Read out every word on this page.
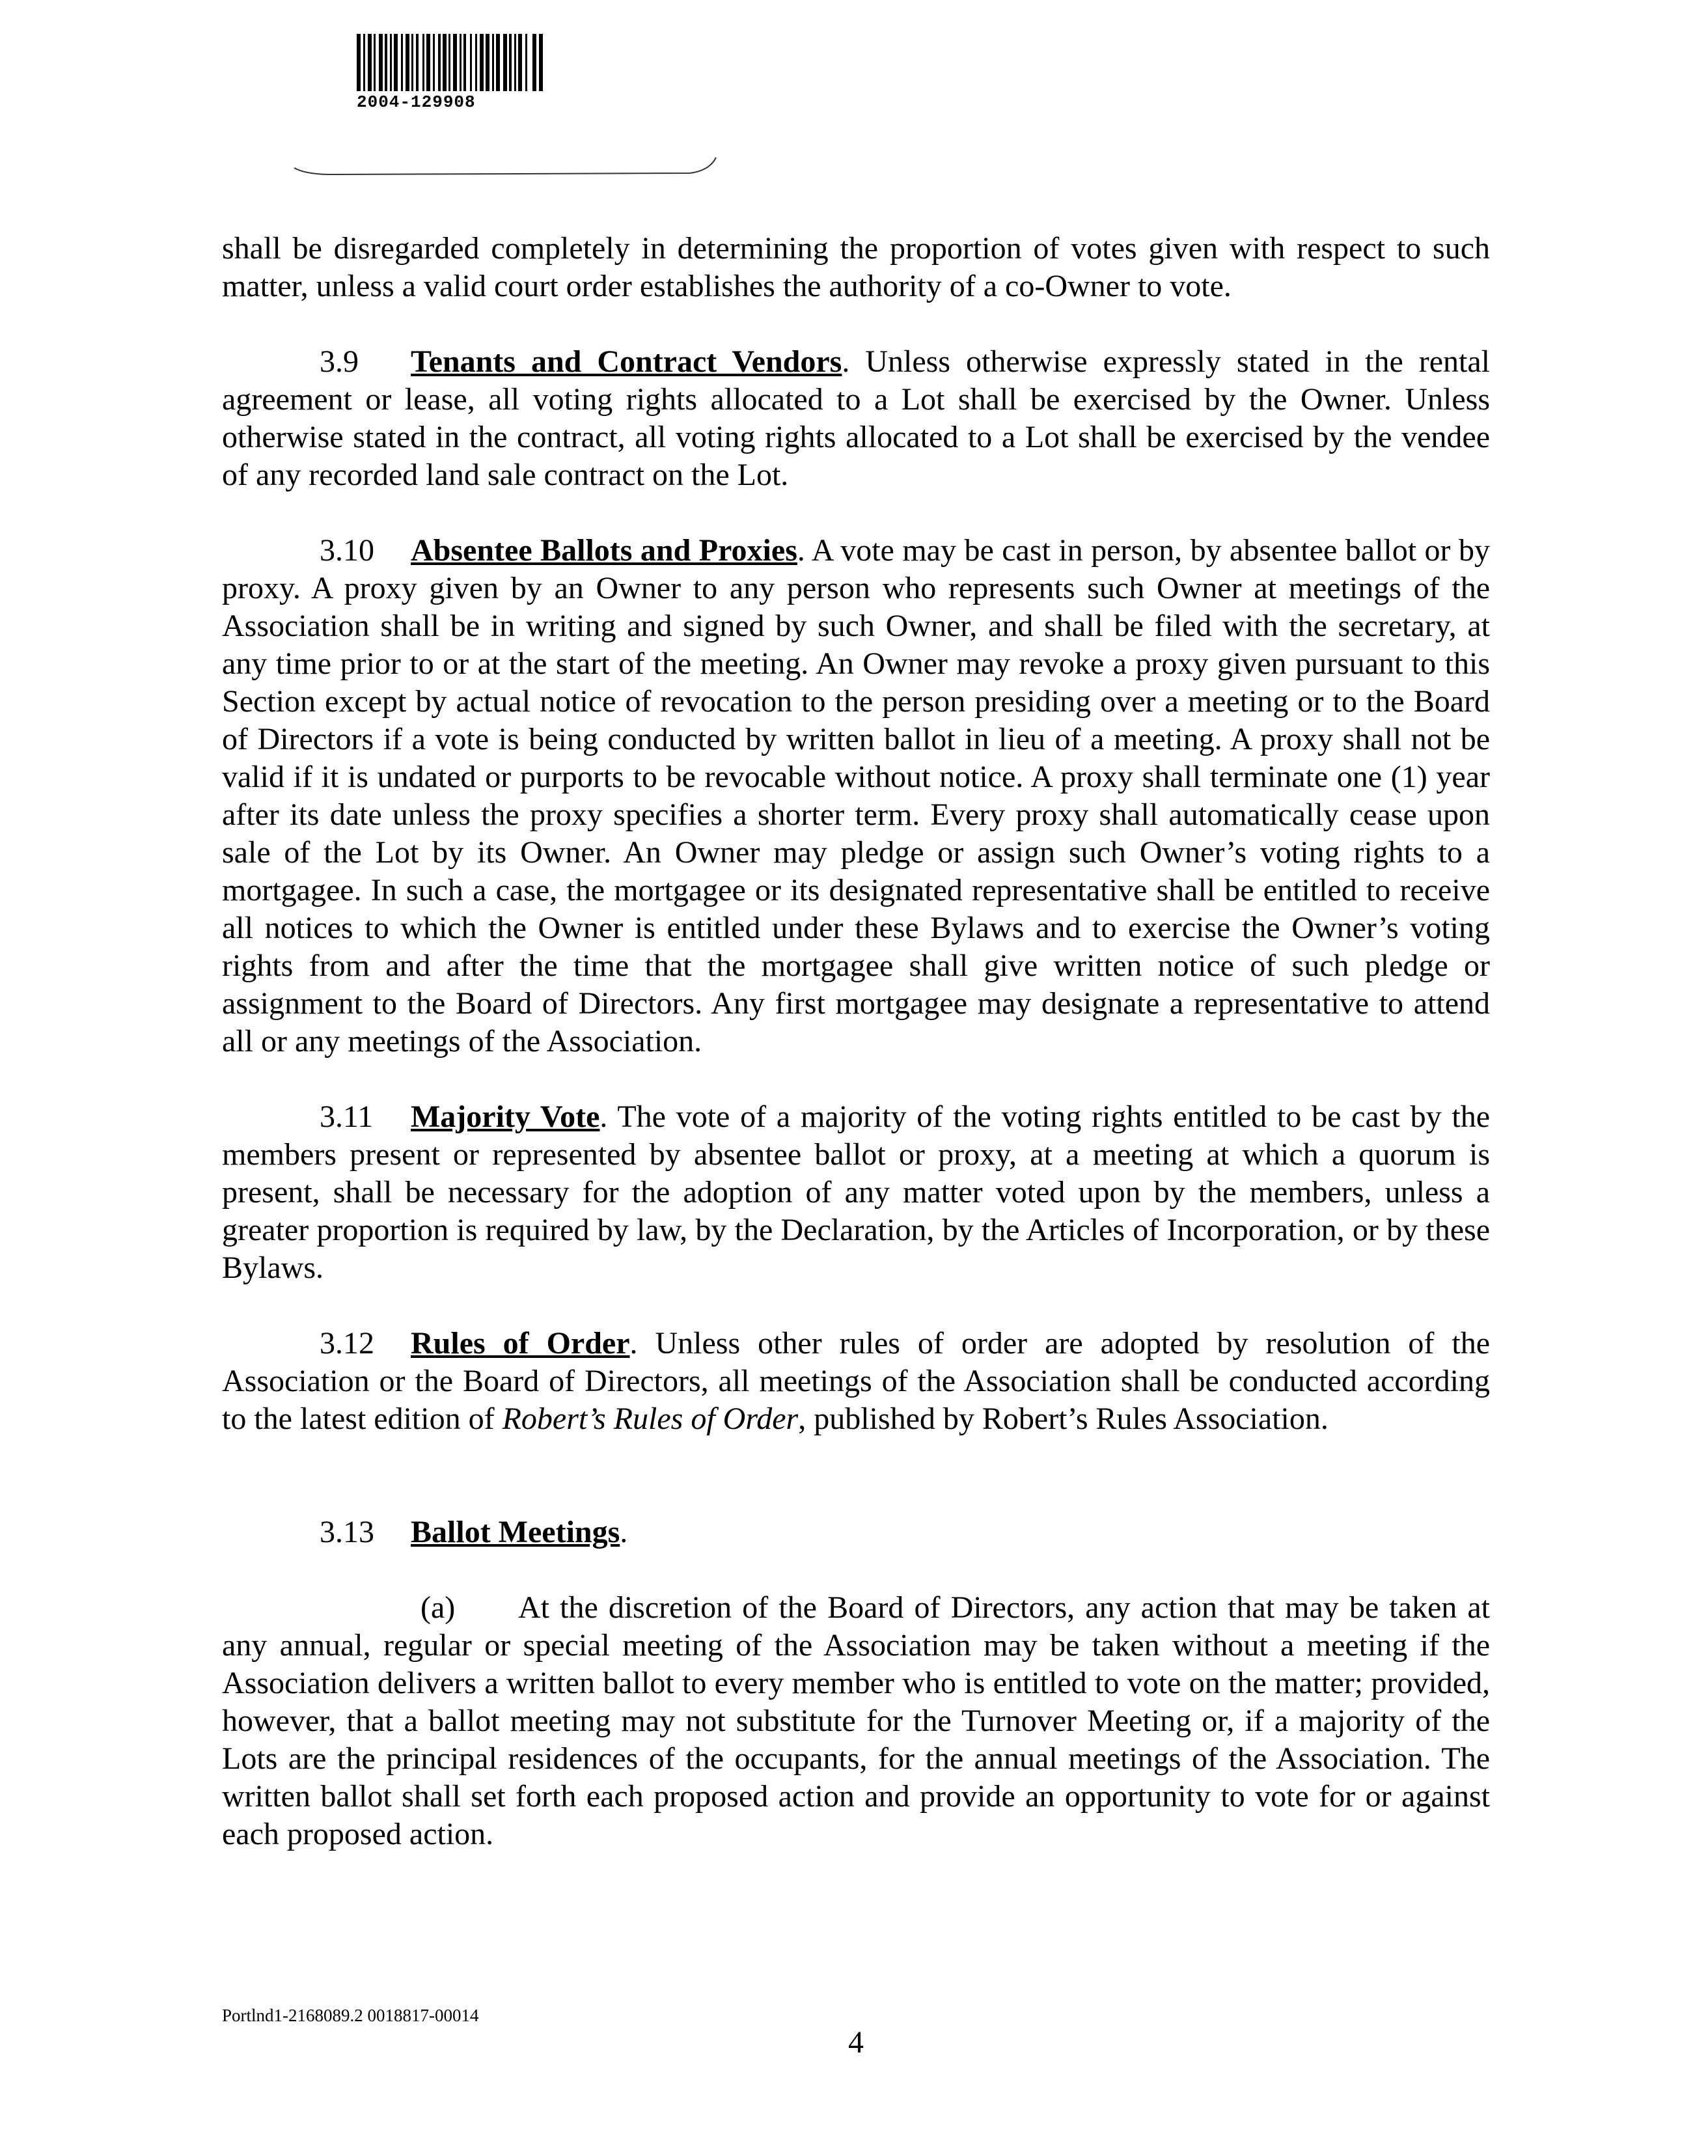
2004-129908

shall be disregarded completely in determining the proportion of votes given with respect to such matter, unless a valid court order establishes the authority of a co-Owner to vote.

3.9 Tenants and Contract Vendors. Unless otherwise expressly stated in the rental agreement or lease, all voting rights allocated to a Lot shall be exercised by the Owner. Unless otherwise stated in the contract, all voting rights allocated to a Lot shall be exercised by the vendee of any recorded land sale contract on the Lot.

3.10 Absentee Ballots and Proxies. A vote may be cast in person, by absentee ballot or by proxy. A proxy given by an Owner to any person who represents such Owner at meetings of the Association shall be in writing and signed by such Owner, and shall be filed with the secretary, at any time prior to or at the start of the meeting. An Owner may revoke a proxy given pursuant to this Section except by actual notice of revocation to the person presiding over a meeting or to the Board of Directors if a vote is being conducted by written ballot in lieu of a meeting. A proxy shall not be valid if it is undated or purports to be revocable without notice. A proxy shall terminate one (1) year after its date unless the proxy specifies a shorter term. Every proxy shall automatically cease upon sale of the Lot by its Owner. An Owner may pledge or assign such Owner’s voting rights to a mortgagee. In such a case, the mortgagee or its designated representative shall be entitled to receive all notices to which the Owner is entitled under these Bylaws and to exercise the Owner’s voting rights from and after the time that the mortgagee shall give written notice of such pledge or assignment to the Board of Directors. Any first mortgagee may designate a representative to attend all or any meetings of the Association.

3.11 Majority Vote. The vote of a majority of the voting rights entitled to be cast by the members present or represented by absentee ballot or proxy, at a meeting at which a quorum is present, shall be necessary for the adoption of any matter voted upon by the members, unless a greater proportion is required by law, by the Declaration, by the Articles of Incorporation, or by these Bylaws.

3.12 Rules of Order. Unless other rules of order are adopted by resolution of the Association or the Board of Directors, all meetings of the Association shall be conducted according to the latest edition of Robert’s Rules of Order, published by Robert’s Rules Association.

3.13 Ballot Meetings.

(a) At the discretion of the Board of Directors, any action that may be taken at any annual, regular or special meeting of the Association may be taken without a meeting if the Association delivers a written ballot to every member who is entitled to vote on the matter; provided, however, that a ballot meeting may not substitute for the Turnover Meeting or, if a majority of the Lots are the principal residences of the occupants, for the annual meetings of the Association. The written ballot shall set forth each proposed action and provide an opportunity to vote for or against each proposed action.

Portlnd1-2168089.2 0018817-00014
4
